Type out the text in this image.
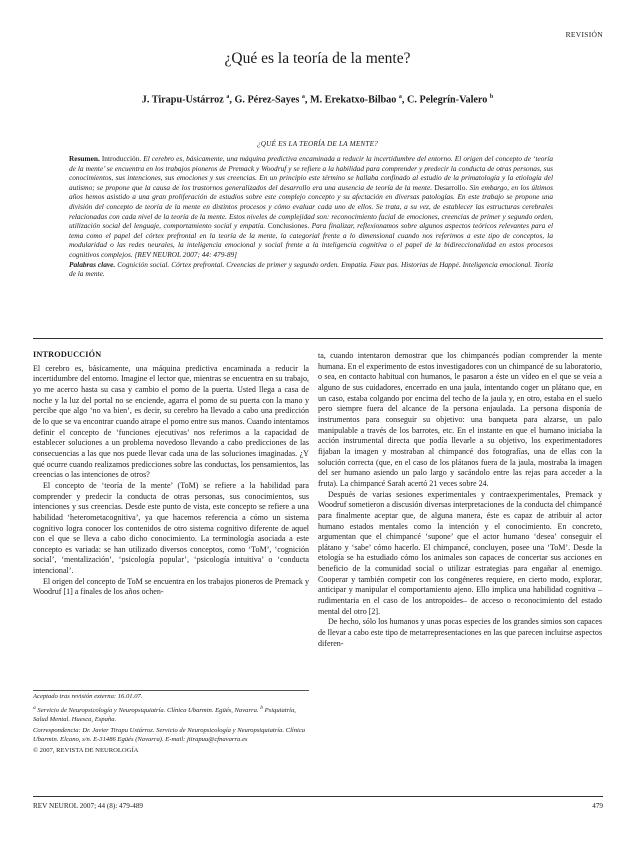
REVISIÓN
¿Qué es la teoría de la mente?
J. Tirapu-Ustárroz $^a$, G. Pérez-Sayes $^a$, M. Erekatxo-Bilbao $^a$, C. Pelegrín-Valero $^b$
¿QUÉ ES LA TEORÍA DE LA MENTE?

Resumen. Introducción. El cerebro es, básicamente, una máquina predictiva encaminada a reducir la incertidumbre del entorno. El origen del concepto de ‘teoría de la mente’ se encuentra en los trabajos pioneros de Premack y Woodruf y se refiere a la habilidad para comprender y predecir la conducta de otras personas, sus conocimientos, sus intenciones, sus emociones y sus creencias. En un principio este término se hallaba confinado al estudio de la primatología y la etiología del autismo; se propone que la causa de los trastornos generalizados del desarrollo era una ausencia de teoría de la mente. Desarrollo. Sin embargo, en los últimos años hemos asistido a una gran proliferación de estudios sobre este complejo concepto y su afectación en diversas patologías. En este trabajo se propone una división del concepto de teoría de la mente en distintos procesos y cómo evaluar cada uno de ellos. Se trata, a su vez, de establecer las estructuras cerebrales relacionadas con cada nivel de la teoría de la mente. Estos niveles de complejidad son: reconocimiento facial de emociones, creencias de primer y segundo orden, utilización social del lenguaje, comportamiento social y empatía. Conclusiones. Para finalizar, reflexionamos sobre algunos aspectos teóricos relevantes para el tema como el papel del córtex prefrontal en la teoría de la mente, la categorial frente a lo dimensional cuando nos referimos a este tipo de conceptos, la modularidad o las redes neurales, la inteligencia emocional y social frente a la inteligencia cognitiva o el papel de la bidireccionalidad en estos procesos cognitivos complejos. [REV NEUROL 2007; 44: 479-89]

Palabras clave. Cognición social. Córtex prefrontal. Creencias de primer y segundo orden. Empatía. Faux pas. Historias de Happé. Inteligencia emocional. Teoría de la mente.

INTRODUCCIÓN

El cerebro es, básicamente, una máquina predictiva encaminada a reducir la incertidumbre del entorno. Imagine el lector que, mientras se encuentra en su trabajo, yo me acerco hasta su casa y cambio el pomo de la puerta. Usted llega a casa de noche y la luz del portal no se enciende, agarra el pomo de su puerta con la mano y percibe que algo ‘no va bien’, es decir, su cerebro ha llevado a cabo una predicción de lo que se va encontrar cuando atrape el pomo entre sus manos. Cuando intentamos definir el concepto de ‘funciones ejecutivas’ nos referimos a la capacidad de establecer soluciones a un problema novedoso llevando a cabo predicciones de las consecuencias a las que nos puede llevar cada una de las soluciones imaginadas. ¿Y qué ocurre cuando realizamos predicciones sobre las conductas, los pensamientos, las creencias o las intenciones de otros?

El concepto de ‘teoría de la mente’ (ToM) se refiere a la habilidad para comprender y predecir la conducta de otras personas, sus conocimientos, sus intenciones y sus creencias. Desde este punto de vista, este concepto se refiere a una habilidad ‘heterometacognitiva’, ya que hacemos referencia a cómo un sistema cognitivo logra conocer los contenidos de otro sistema cognitivo diferente de aquel con el que se lleva a cabo dicho conocimiento. La terminología asociada a este concepto es variada: se han utilizado diversos conceptos, como ‘ToM’, ‘cognición social’, ‘mentalización’, ‘psicología popular’, ‘psicología intuitiva’ o ‘conducta intencional’.

El origen del concepto de ToM se encuentra en los trabajos pioneros de Premack y Woodruf [1] a finales de los años ochen-

Aceptado tras revisión externa: 16.01.07.

$^a$ Servicio de Neuropsicología y Neuropsiquiatría. Clínica Ubarmin. Egüés, Navarra. $^b$ Psiquiatría, Salud Mental. Huesca, España.

Correspondencia: Dr. Javier Tirapu Ustárroz. Servicio de Neuropsicología y Neuropsiquiatría. Clínica Ubarmin. Elcano, s/n. E-31486 Egüés (Navarra). E-mail: jtirapuu@cfnavarra.es

© 2007, REVISTA DE NEUROLOGÍA

ta, cuando intentaron demostrar que los chimpancés podían comprender la mente humana. En el experimento de estos investigadores con un chimpancé de su laboratorio, o sea, en contacto habitual con humanos, le pasaron a éste un vídeo en el que se veía a alguno de sus cuidadores, encerrado en una jaula, intentando coger un plátano que, en un caso, estaba colgando por encima del techo de la jaula y, en otro, estaba en el suelo pero siempre fuera del alcance de la persona enjaulada. La persona disponía de instrumentos para conseguir su objetivo: una banqueta para alzarse, un palo manipulable a través de los barrotes, etc. En el instante en que el humano iniciaba la acción instrumental directa que podía llevarle a su objetivo, los experimentadores fijaban la imagen y mostraban al chimpancé dos fotografías, una de ellas con la solución correcta (que, en el caso de los plátanos fuera de la jaula, mostraba la imagen del ser humano asiendo un palo largo y sacándolo entre las rejas para acceder a la fruta). La chimpancé Sarah acertó 21 veces sobre 24.

Después de varias sesiones experimentales y contraexperimentales, Premack y Woodruf sometieron a discusión diversas interpretaciones de la conducta del chimpancé para finalmente aceptar que, de alguna manera, éste es capaz de atribuir al actor humano estados mentales como la intención y el conocimiento. En concreto, argumentan que el chimpancé ‘supone’ que el actor humano ‘desea’ conseguir el plátano y ‘sabe’ cómo hacerlo. El chimpancé, concluyen, posee una ‘ToM’. Desde la etología se ha estudiado cómo los animales son capaces de concertar sus acciones en beneficio de la comunidad social o utilizar estrategias para engañar al enemigo. Cooperar y también competir con los congéneres requiere, en cierto modo, explorar, anticipar y manipular el comportamiento ajeno. Ello implica una habilidad cognitiva –rudimentaria en el caso de los antropoides– de acceso o reconocimiento del estado mental del otro [2].

De hecho, sólo los humanos y unas pocas especies de los grandes simios son capaces de llevar a cabo este tipo de metarrepresentaciones en las que parecen incluirse aspectos diferen-

REV NEUROL 2007; 44 (8): 479-489	479
